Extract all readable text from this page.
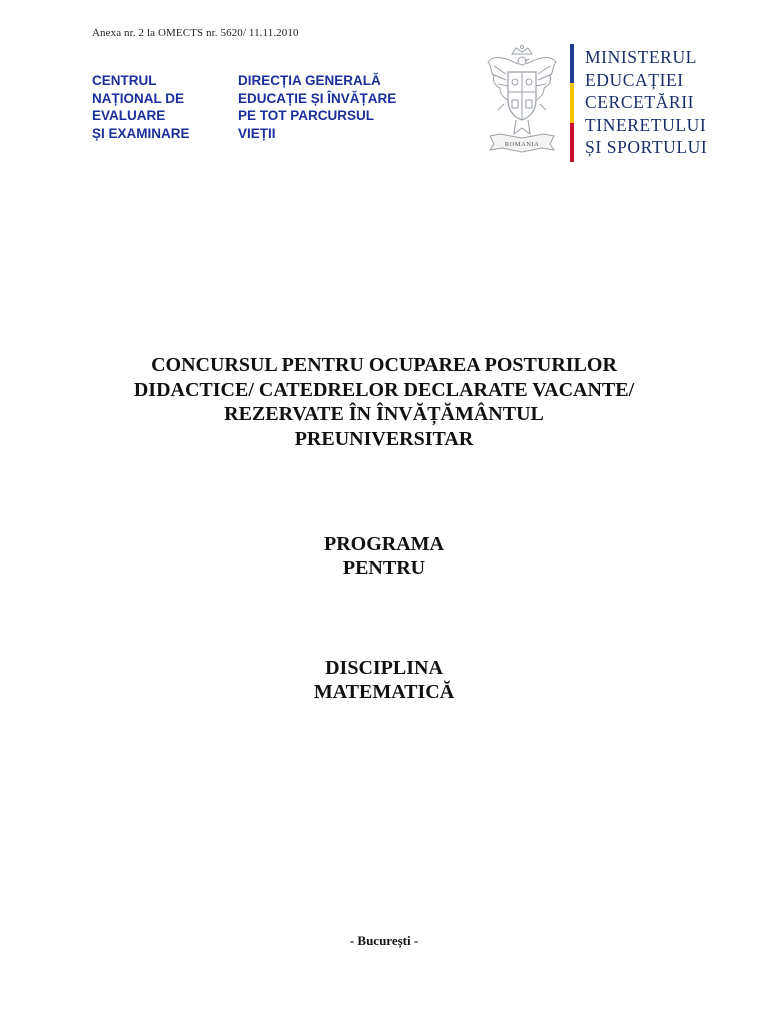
Anexa nr. 2 la OMECTS nr. 5620/ 11.11.2010
CENTRUL
NAȚIONAL DE
EVALUARE
ȘI EXAMINARE
DIRECȚIA GENERALĂ
EDUCAȚIE ȘI ÎNVĂȚARE
PE TOT PARCURSUL
VIEȚII
ROMANIA
MINISTERUL
EDUCAȚIEI
CERCETĂRII
TINERETULUI
ȘI SPORTULUI
CONCURSUL PENTRU OCUPAREA POSTURILOR
DIDACTICE/ CATEDRELOR DECLARATE VACANTE/
REZERVATE ÎN ÎNVĂȚĂMÂNTUL
PREUNIVERSITAR
PROGRAMA
PENTRU
DISCIPLINA
MATEMATICĂ
- București -
